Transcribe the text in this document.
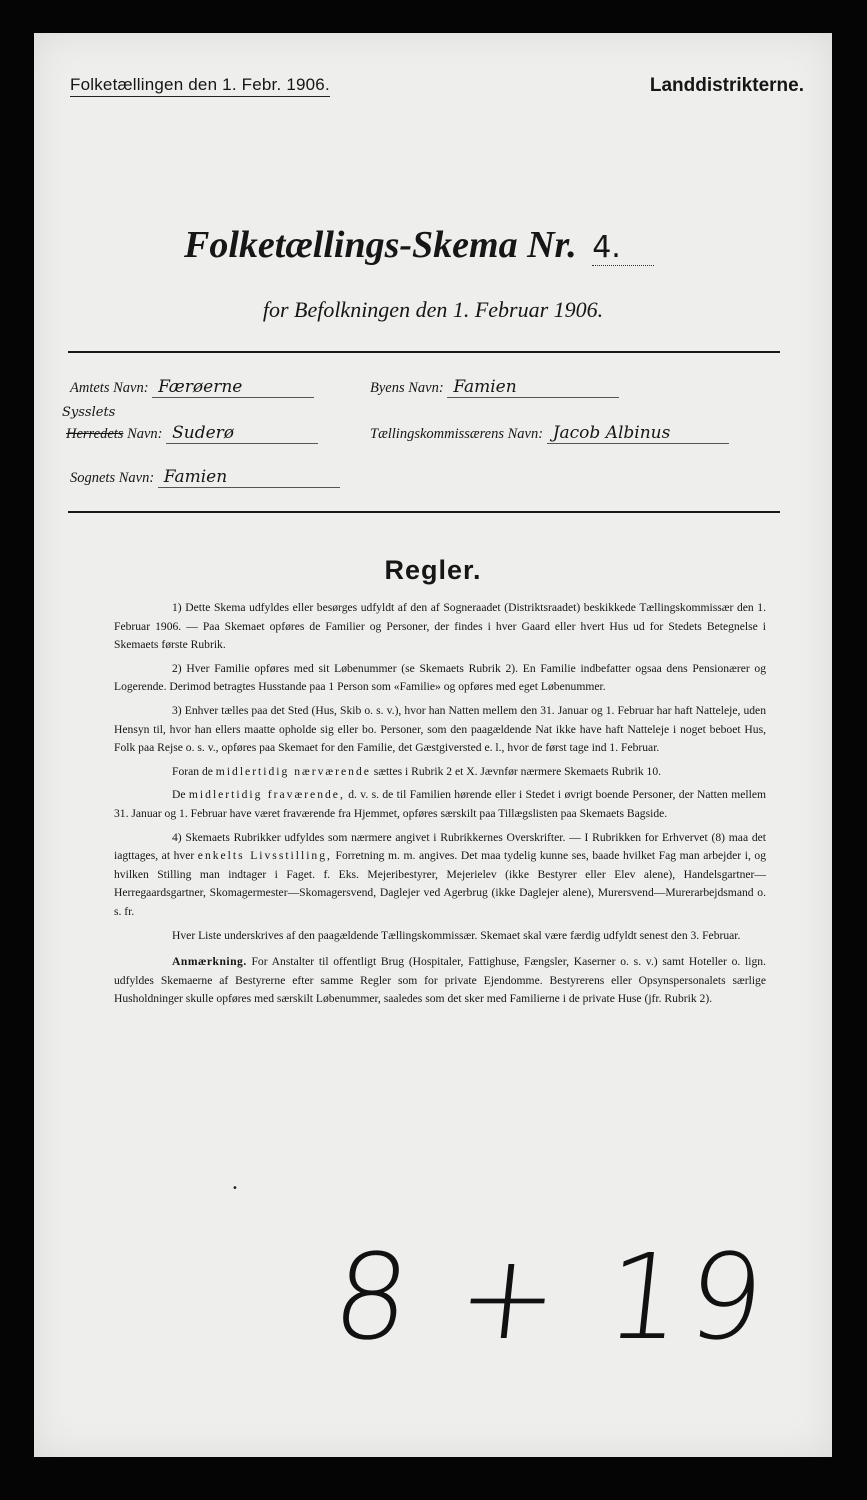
Folketællingen den 1. Febr. 1906.	Landdistrikterne.
Folketællings-Skema Nr. 4.
for Befolkningen den 1. Februar 1906.
Amtets Navn: Færøerne	Byens Navn: Famien
Sysslets
Herredets Navn: Suderø	Tællingskommissærens Navn: Jacob Albinus
Sognets Navn: Famien
Regler.

1) Dette Skema udfyldes eller besørges udfyldt af den af Sogneraadet (Distriktsraadet) beskikkede Tællingskommissær den 1. Februar 1906. — Paa Skemaet opføres de Familier og Personer, der findes i hver Gaard eller hvert Hus ud for Stedets Betegnelse i Skemaets første Rubrik.

2) Hver Familie opføres med sit Løbenummer (se Skemaets Rubrik 2). En Familie indbefatter ogsaa dens Pensionærer og Logerende. Derimod betragtes Husstande paa 1 Person som «Familie» og opføres med eget Løbenummer.

3) Enhver tælles paa det Sted (Hus, Skib o. s. v.), hvor han Natten mellem den 31. Januar og 1. Februar har haft Natteleje, uden Hensyn til, hvor han ellers maatte opholde sig eller bo. Personer, som den paagældende Nat ikke have haft Natteleje i noget beboet Hus, Folk paa Rejse o. s. v., opføres paa Skemaet for den Familie, det Gæstgiversted e. l., hvor de først tage ind 1. Februar.

Foran de midlertidig nærværende sættes i Rubrik 2 et X. Jævnfør nærmere Skemaets Rubrik 10.

De midlertidig fraværende, d. v. s. de til Familien hørende eller i Stedet i øvrigt boende Personer, der Natten mellem 31. Januar og 1. Februar have været fraværende fra Hjemmet, opføres særskilt paa Tillægslisten paa Skemaets Bagside.

4) Skemaets Rubrikker udfyldes som nærmere angivet i Rubrikkernes Overskrifter. — I Rubrikken for Erhvervet (8) maa det iagttages, at hver enkelts Livsstilling, Forretning m. m. angives. Det maa tydelig kunne ses, baade hvilket Fag man arbejder i, og hvilken Stilling man indtager i Faget. f. Eks. Mejeribestyrer, Mejerielev (ikke Bestyrer eller Elev alene), Handelsgartner—Herregaardsgartner, Skomagermester—Skomagersvend, Daglejer ved Agerbrug (ikke Daglejer alene), Murersvend—Murerarbejdsmand o. s. fr.

Hver Liste underskrives af den paagældende Tællingskommissær. Skemaet skal være færdig udfyldt senest den 3. Februar.

Anmærkning. For Anstalter til offentligt Brug (Hospitaler, Fattighuse, Fængsler, Kaserner o. s. v.) samt Hoteller o. lign. udfyldes Skemaerne af Bestyrerne efter samme Regler som for private Ejendomme. Bestyrerens eller Opsynspersonalets særlige Husholdninger skulle opføres med særskilt Løbenummer, saaledes som det sker med Familierne i de private Huse (jfr. Rubrik 2).

•
8 + 19
